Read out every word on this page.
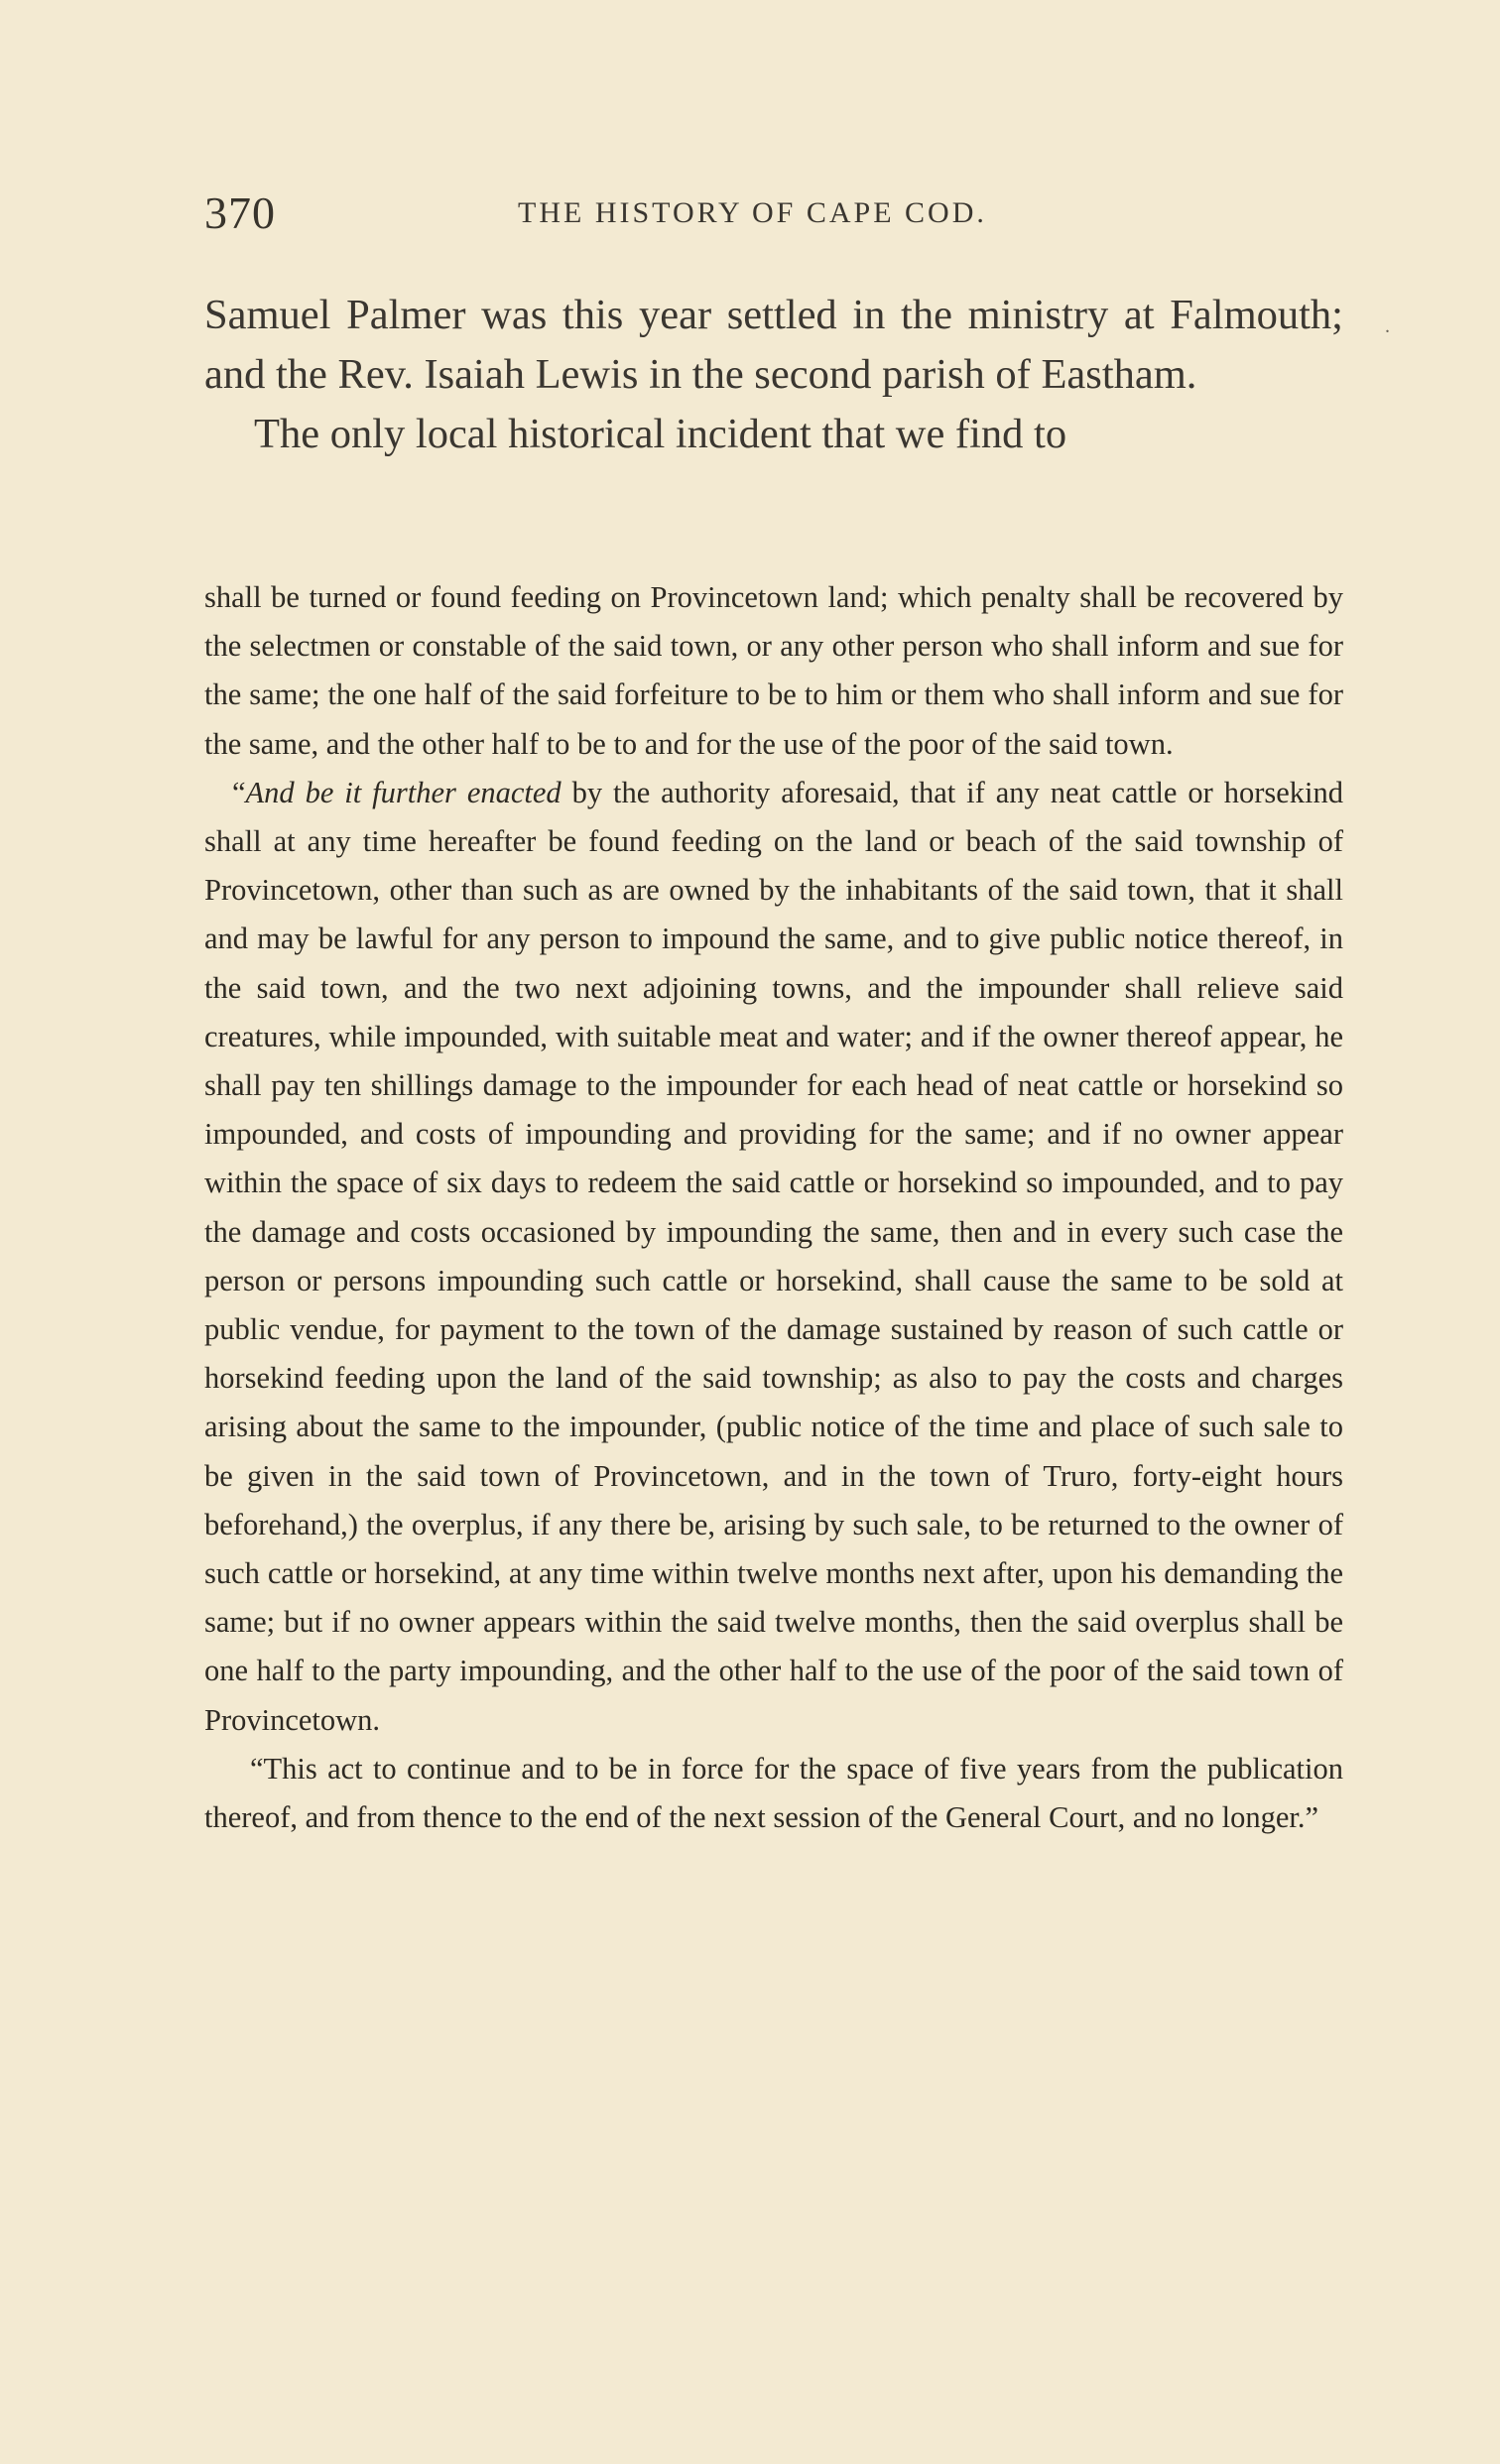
370	THE HISTORY OF CAPE COD.
.

Samuel Palmer was this year settled in the ministry at Falmouth; and the Rev. Isaiah Lewis in the second parish of Eastham.

The only local historical incident that we find to

shall be turned or found feeding on Provincetown land; which penalty shall be recovered by the selectmen or constable of the said town, or any other person who shall inform and sue for the same; the one half of the said forfeiture to be to him or them who shall inform and sue for the same, and the other half to be to and for the use of the poor of the said town.

“And be it further enacted by the authority aforesaid, that if any neat cattle or horsekind shall at any time hereafter be found feeding on the land or beach of the said township of Provincetown, other than such as are owned by the inhabitants of the said town, that it shall and may be lawful for any person to impound the same, and to give public notice thereof, in the said town, and the two next adjoining towns, and the impounder shall relieve said creatures, while impounded, with suitable meat and water; and if the owner thereof appear, he shall pay ten shillings damage to the impounder for each head of neat cattle or horsekind so impounded, and costs of impounding and providing for the same; and if no owner appear within the space of six days to redeem the said cattle or horsekind so impounded, and to pay the damage and costs occasioned by impounding the same, then and in every such case the person or persons impounding such cattle or horsekind, shall cause the same to be sold at public vendue, for payment to the town of the damage sustained by reason of such cattle or horsekind feeding upon the land of the said township; as also to pay the costs and charges arising about the same to the impounder, (public notice of the time and place of such sale to be given in the said town of Provincetown, and in the town of Truro, forty-eight hours beforehand,) the overplus, if any there be, arising by such sale, to be returned to the owner of such cattle or horsekind, at any time within twelve months next after, upon his demanding the same; but if no owner appears within the said twelve months, then the said overplus shall be one half to the party impounding, and the other half to the use of the poor of the said town of Provincetown.

“This act to continue and to be in force for the space of five years from the publication thereof, and from thence to the end of the next session of the General Court, and no longer.”
